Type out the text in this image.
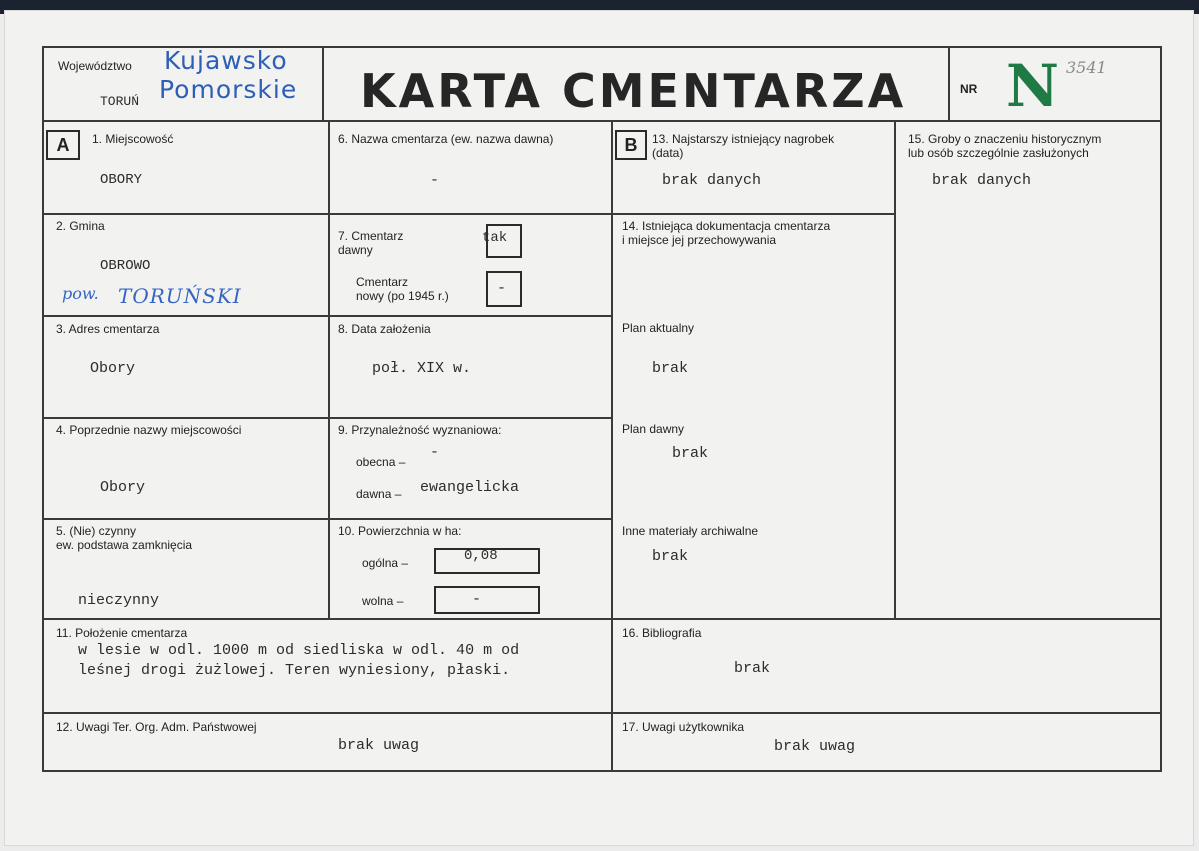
Województwo Kujawsko
Pomorskie
TORUŃ	KARTA CMENTARZA	NR N 3541
A	1. Miejscowość
OBORY
2. Gmina
OBROWO
pow. TORUŃSKI
3. Adres cmentarza
Obory
4. Poprzednie nazwy miejscowości
Obory
5. (Nie) czynny
ew. podstawa zamknięcia
nieczynny
6. Nazwa cmentarza (ew. nazwa dawna)
-
7. Cmentarz
dawny
tak
Cmentarz
nowy (po 1945 r.)	-
8. Data założenia
poł. XIX w.
9. Przynależność wyznaniowa:
obecna –
-
dawna – ewangelicka
10. Powierzchnia w ha:
ogólna –	0,08
wolna –	-
B	13. Najstarszy istniejący nagrobek
(data)
brak danych
14. Istniejąca dokumentacja cmentarza
i miejsce jej przechowywania
Plan aktualny
brak
Plan dawny
brak
Inne materiały archiwalne
brak
15. Groby o znaczeniu historycznym
lub osób szczególnie zasłużonych
brak danych
11. Położenie cmentarza
w lesie w odl. 1000 m od siedliska w odl. 40 m od
leśnej drogi żużlowej. Teren wyniesiony, płaski.
16. Bibliografia
brak
12. Uwagi Ter. Org. Adm. Państwowej
brak uwag
17. Uwagi użytkownika
brak uwag
